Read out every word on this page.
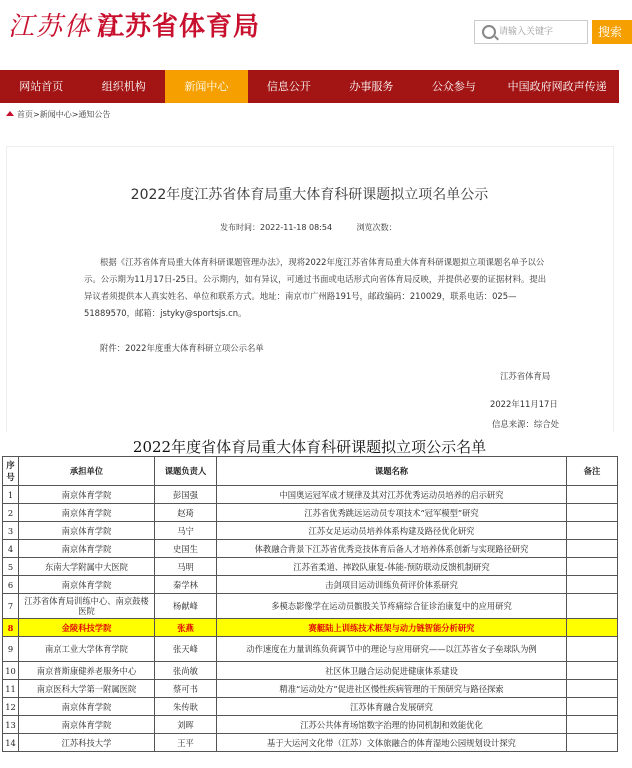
江苏体育
江苏省体育局
请输入关键字	搜索
网站首页	组织机构	新闻中心	信息公开	办事服务	公众参与	中国政府网政声传递
首页>新闻中心>通知公告
2022年度江苏省体育局重大体育科研课题拟立项名单公示
发布时间：2022-11-18 08:54	浏览次数：
根据《江苏省体育局重大体育科研课题管理办法》，现将2022年度江苏省体育局重大体育科研课题拟立项课题名单予以公示。公示期为11月17日-25日。公示期内，如有异议，可通过书面或电话形式向省体育局反映，并提供必要的证据材料。提出异议者须提供本人真实姓名、单位和联系方式。地址：南京市广州路191号，邮政编码：210029，联系电话：025—51889570，邮箱：jstyky@sportsjs.cn。
附件：2022年度重大体育科研立项公示名单
江苏省体育局
2022年11月17日
信息来源：综合处
2022年度省体育局重大体育科研课题拟立项公示名单
序号	承担单位	课题负责人	课题名称	备注
1	南京体育学院	彭国强	中国奥运冠军成才规律及其对江苏优秀运动员培养的启示研究	
2	南京体育学院	赵琦	江苏省优秀跳远运动员专项技术“冠军模型”研究	
3	南京体育学院	马宁	江苏女足运动员培养体系构建及路径优化研究	
4	南京体育学院	史国生	体教融合背景下江苏省优秀竞技体育后备人才培养体系创新与实现路径研究	
5	东南大学附属中大医院	马明	江苏省柔道、摔跤队康复-体能-预防联动反馈机制研究	
6	南京体育学院	秦学林	击剑项目运动训练负荷评价体系研究	
7	江苏省体育局训练中心、南京鼓楼医院	杨献峰	多模态影像学在运动员髌股关节疼痛综合征诊治康复中的应用研究	
8	金陵科技学院	张燕	赛艇陆上训练技术框架与动力链智能分析研究	
9	南京工业大学体育学院	张天峰	动作速度在力量训练负荷调节中的理论与应用研究——以江苏省女子垒球队为例	
10	南京普斯康健养老服务中心	张尚敏	社区体卫融合运动促进健康体系建设	
11	南京医科大学第一附属医院	蔡可书	精准“运动处方”促进社区慢性疾病管理的干预研究与路径探索	
12	南京体育学院	朱传耿	江苏体育融合发展研究	
13	南京体育学院	刘晖	江苏公共体育场馆数字治理的协同机制和效能优化	
14	江苏科技大学	王平	基于大运河文化带（江苏）文体旅融合的体育湿地公园规划设计探究	
